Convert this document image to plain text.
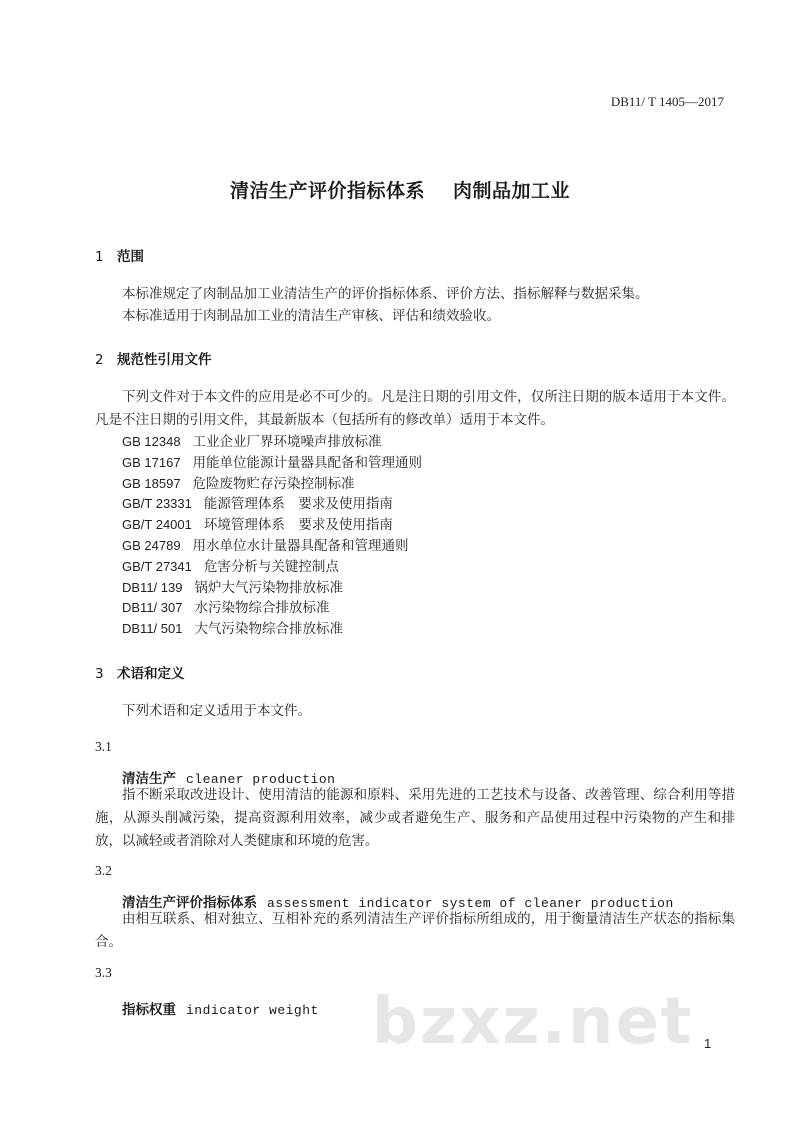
DB11/ T 1405—2017
清洁生产评价指标体系 肉制品加工业
1 范围
本标准规定了肉制品加工业清洁生产的评价指标体系、评价方法、指标解释与数据采集。
本标准适用于肉制品加工业的清洁生产审核、评估和绩效验收。
2 规范性引用文件
下列文件对于本文件的应用是必不可少的。凡是注日期的引用文件，仅所注日期的版本适用于本文件。凡是不注日期的引用文件，其最新版本（包括所有的修改单）适用于本文件。
GB 12348 工业企业厂界环境噪声排放标准
GB 17167 用能单位能源计量器具配备和管理通则
GB 18597 危险废物贮存污染控制标准
GB/T 23331 能源管理体系　要求及使用指南
GB/T 24001 环境管理体系　要求及使用指南
GB 24789 用水单位水计量器具配备和管理通则
GB/T 27341 危害分析与关键控制点
DB11/ 139 锅炉大气污染物排放标准
DB11/ 307 水污染物综合排放标准
DB11/ 501 大气污染物综合排放标准
3 术语和定义
下列术语和定义适用于本文件。
3.1
清洁生产 cleaner production
指不断采取改进设计、使用清洁的能源和原料、采用先进的工艺技术与设备、改善管理、综合利用等措施，从源头削减污染，提高资源利用效率，减少或者避免生产、服务和产品使用过程中污染物的产生和排放，以减轻或者消除对人类健康和环境的危害。
3.2
清洁生产评价指标体系 assessment indicator system of cleaner production
由相互联系、相对独立、互相补充的系列清洁生产评价指标所组成的，用于衡量清洁生产状态的指标集合。
3.3
指标权重 indicator weight bzxz.net 1
